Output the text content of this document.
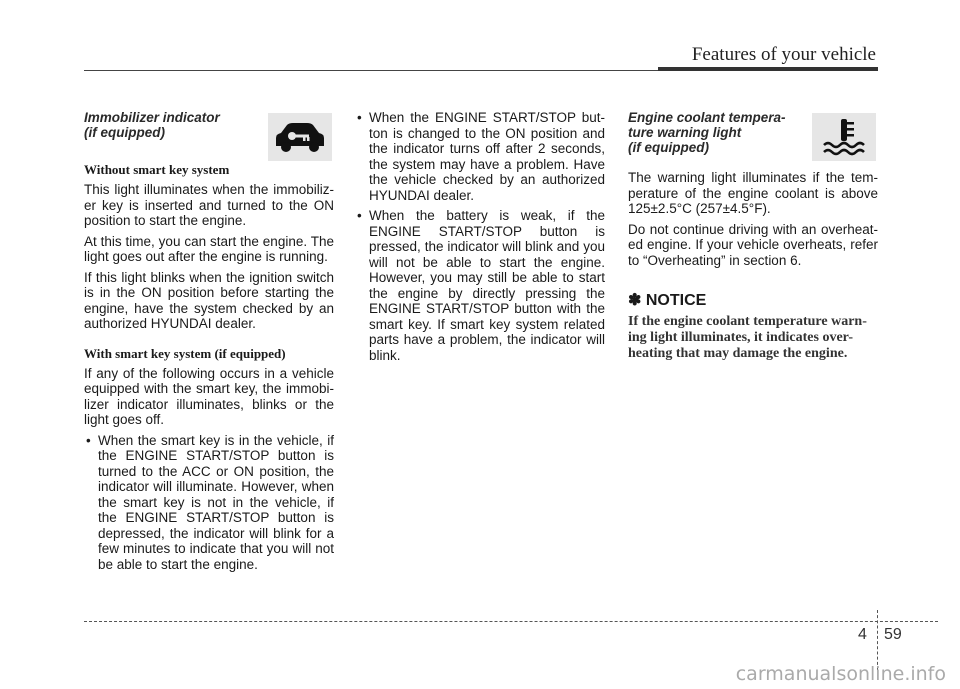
Features of your vehicle

Immobilizer indicator

(if equipped)

Without smart key system

This light illuminates when the immobiliz-er key is inserted and turned to the ON position to start the engine.

At this time, you can start the engine. The light goes out after the engine is running.

If this light blinks when the ignition switch is in the ON position before starting the engine, have the system checked by an authorized HYUNDAI dealer.

With smart key system (if equipped)

If any of the following occurs in a vehicle equipped with the smart key, the immobi-lizer indicator illuminates, blinks or the light goes off.

• When the smart key is in the vehicle, if the ENGINE START/STOP button is turned to the ACC or ON position, the indicator will illuminate. However, when the smart key is not in the vehicle, if the ENGINE START/STOP button is depressed, the indicator will blink for a few minutes to indicate that you will not be able to start the engine.
• When the ENGINE START/STOP but-ton is changed to the ON position and the indicator turns off after 2 seconds, the system may have a problem. Have the vehicle checked by an authorized HYUNDAI dealer.
• When the battery is weak, if the ENGINE START/STOP button is pressed, the indicator will blink and you will not be able to start the engine. However, you may still be able to start the engine by directly pressing the ENGINE START/STOP button with the smart key. If smart key system related parts have a problem, the indicator will blink.

Engine coolant tempera-

ture warning light

(if equipped)

The warning light illuminates if the tem-perature of the engine coolant is above 125±2.5°C (257±4.5°F).

Do not continue driving with an overheat-ed engine. If your vehicle overheats, refer to “Overheating” in section 6.

✽ NOTICE

If the engine coolant temperature warn-ing light illuminates, it indicates over-heating that may damage the engine.

4 59
carmanualsonline.info
